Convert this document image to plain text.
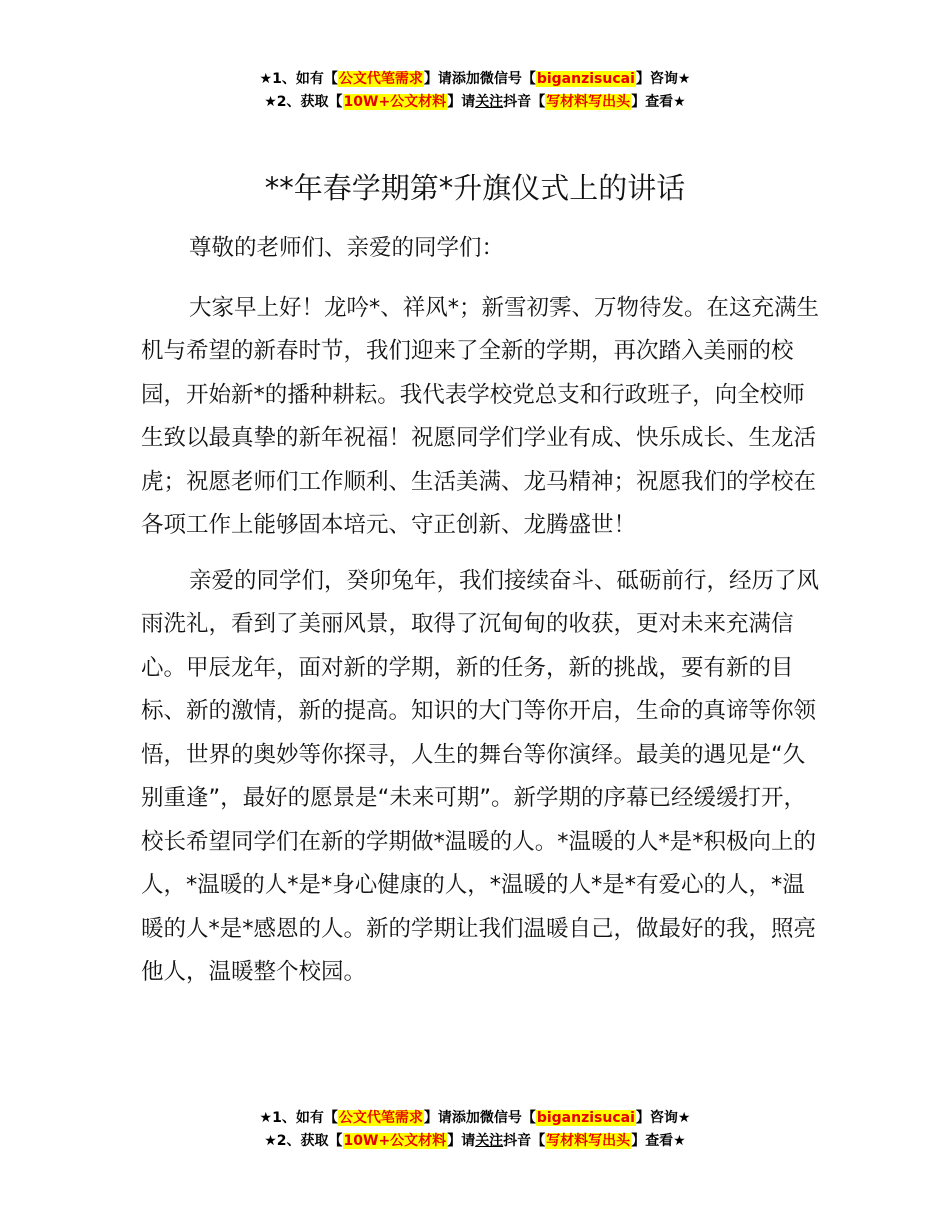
★1、如有【公文代笔需求】请添加微信号【biganzisucai】咨询★
★2、获取【10W+公文材料】请关注抖音【写材料写出头】查看★
**年春学期第*升旗仪式上的讲话

尊敬的老师们、亲爱的同学们：

大家早上好！龙吟*、祥风*；新雪初霁、万物待发。在这充满生机与希望的新春时节，我们迎来了全新的学期，再次踏入美丽的校园，开始新*的播种耕耘。我代表学校党总支和行政班子，向全校师生致以最真挚的新年祝福！祝愿同学们学业有成、快乐成长、生龙活虎；祝愿老师们工作顺利、生活美满、龙马精神；祝愿我们的学校在各项工作上能够固本培元、守正创新、龙腾盛世！

亲爱的同学们，癸卯兔年，我们接续奋斗、砥砺前行，经历了风雨洗礼，看到了美丽风景，取得了沉甸甸的收获，更对未来充满信心。甲辰龙年，面对新的学期，新的任务，新的挑战，要有新的目标、新的激情，新的提高。知识的大门等你开启，生命的真谛等你领悟，世界的奥妙等你探寻，人生的舞台等你演绎。最美的遇见是“久别重逢”，最好的愿景是“未来可期”。新学期的序幕已经缓缓打开，校长希望同学们在新的学期做*温暖的人。*温暖的人*是*积极向上的人，*温暖的人*是*身心健康的人，*温暖的人*是*有爱心的人，*温暖的人*是*感恩的人。新的学期让我们温暖自己，做最好的我，照亮他人，温暖整个校园。

★1、如有【公文代笔需求】请添加微信号【biganzisucai】咨询★
★2、获取【10W+公文材料】请关注抖音【写材料写出头】查看★
